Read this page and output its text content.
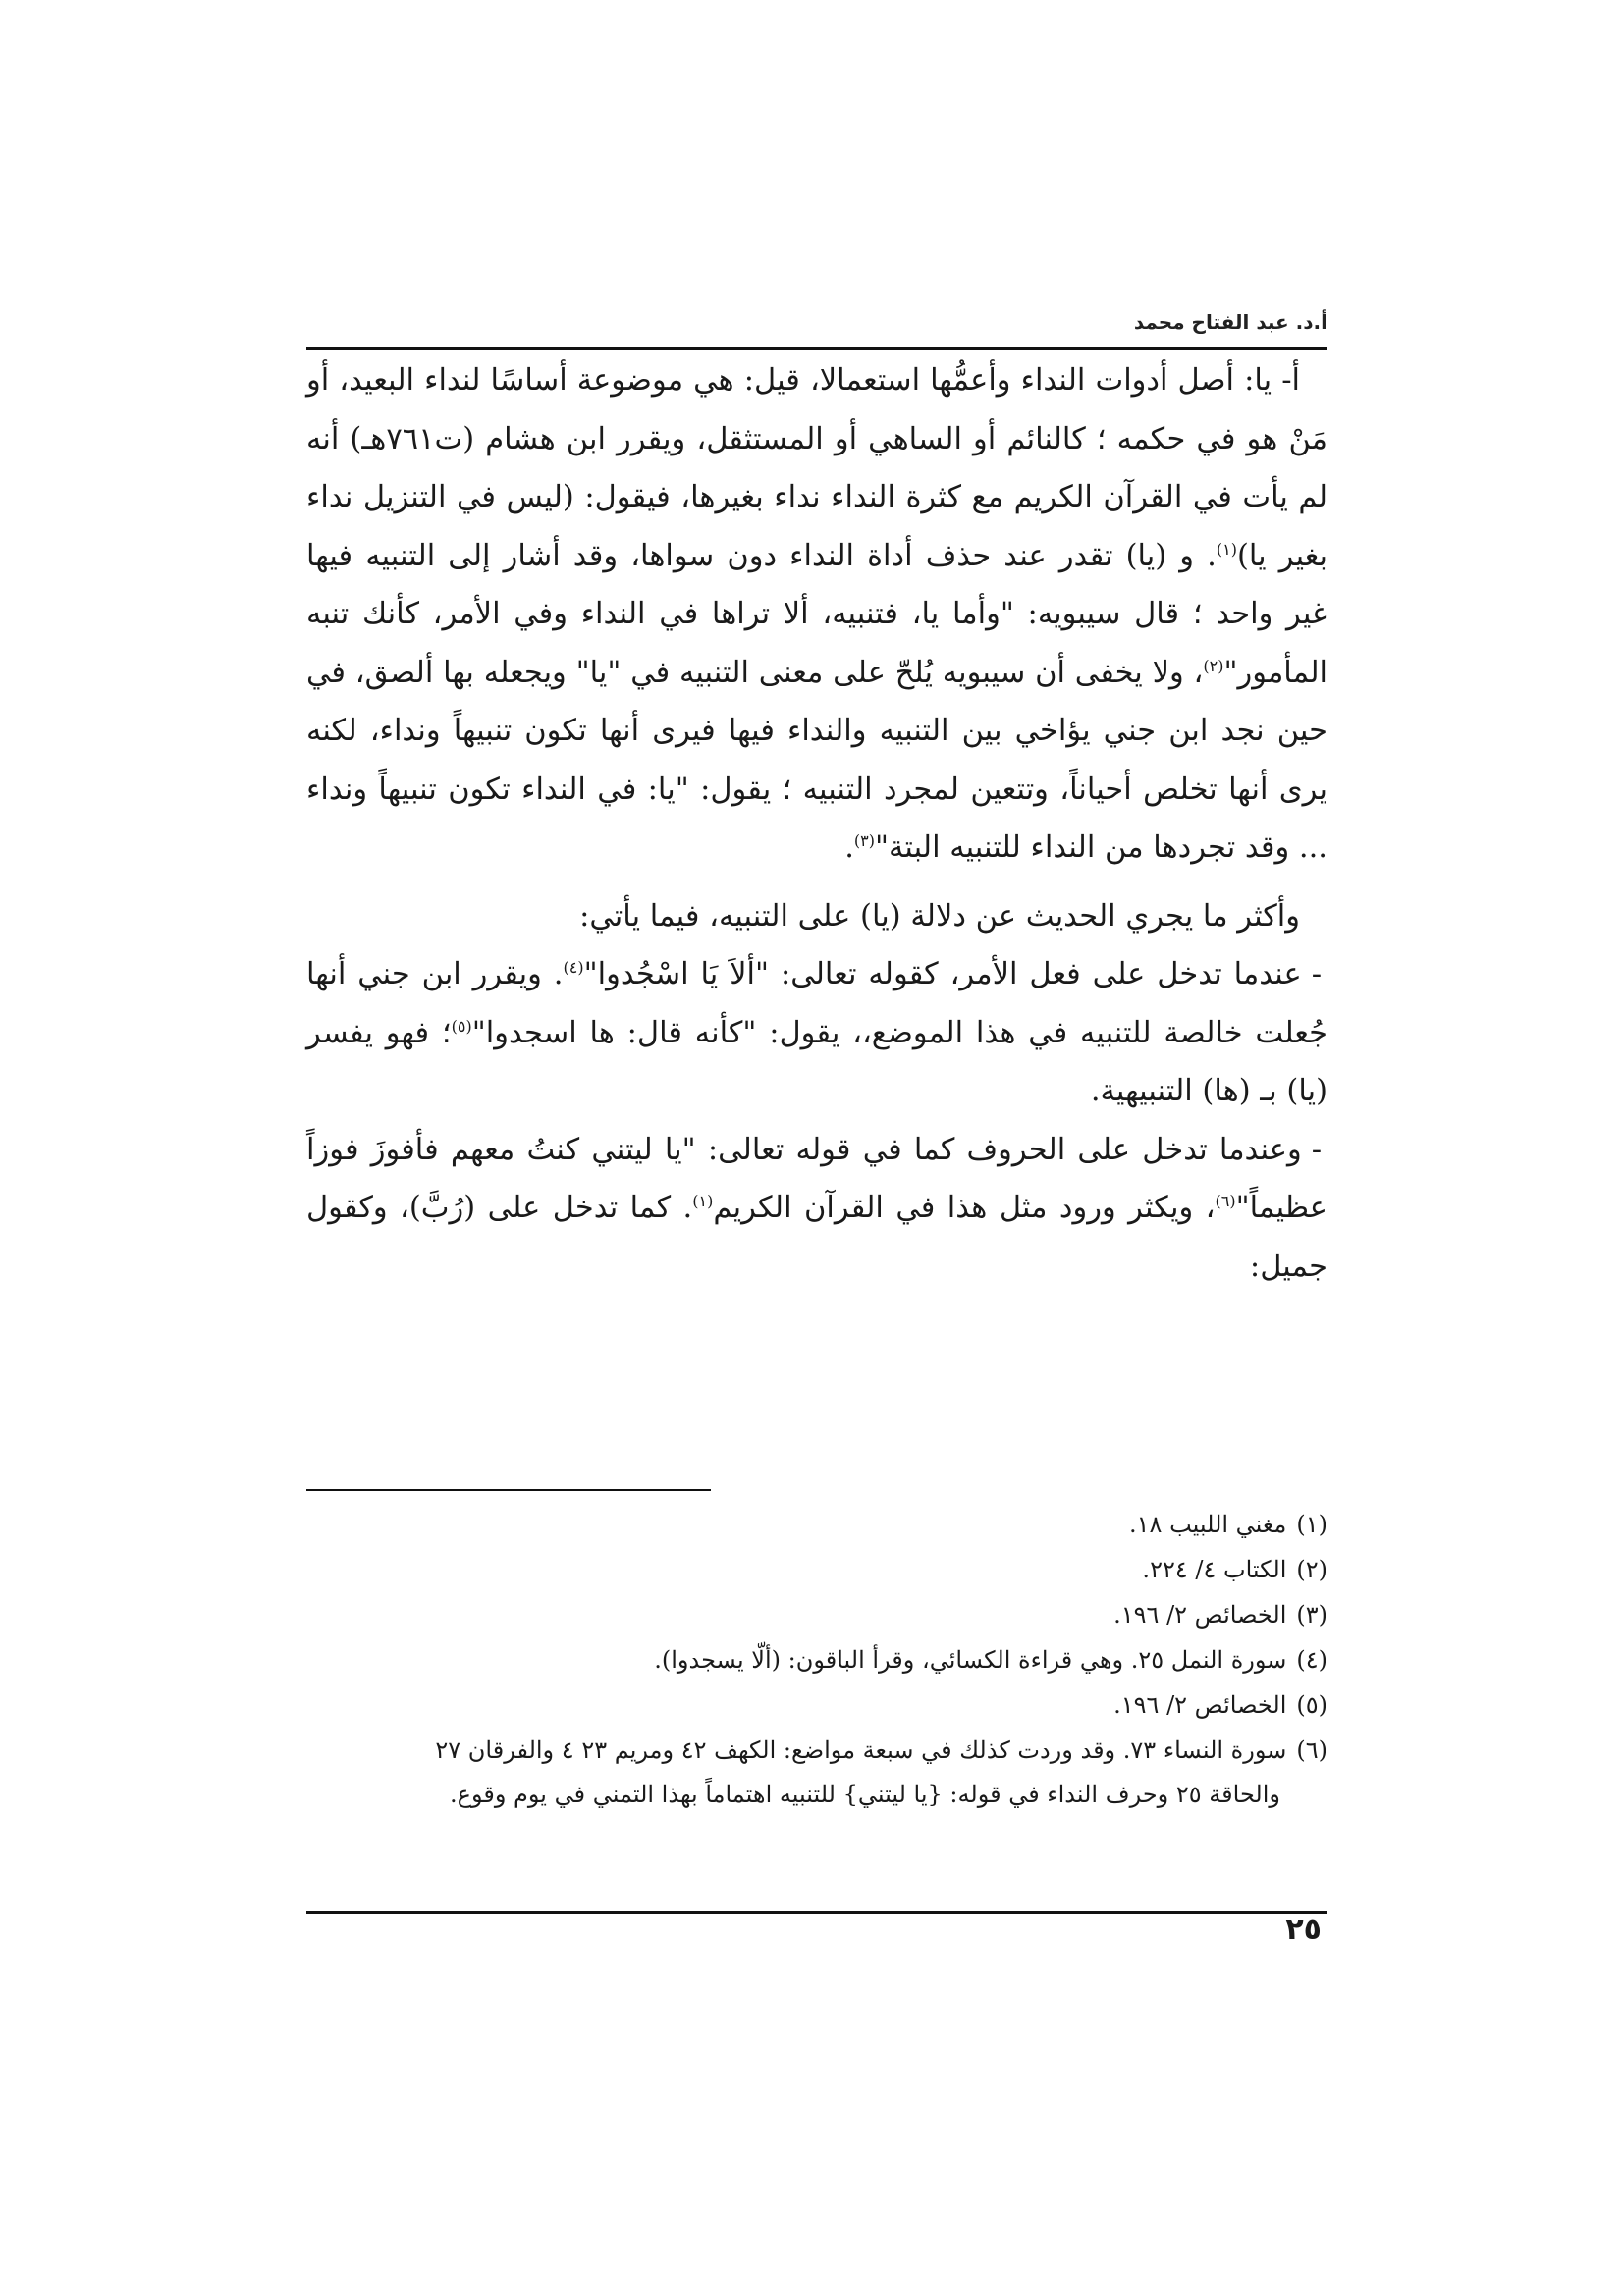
أ.د. عبد الفتاح محمد

أ- يا: أصل أدوات النداء وأعمُّها استعمالا، قيل: هي موضوعة أساسًا لنداء البعيد، أو مَنْ هو في حكمه ؛ كالنائم أو الساهي أو المستثقل، ويقرر ابن هشام (ت٧٦١هـ) أنه لم يأت في القرآن الكريم مع كثرة النداء نداء بغيرها، فيقول: (ليس في التنزيل نداء بغير يا)$^{(١)}$. و (يا) تقدر عند حذف أداة النداء دون سواها، وقد أشار إلى التنبيه فيها غير واحد ؛ قال سيبويه: "وأما يا، فتنبيه، ألا تراها في النداء وفي الأمر، كأنك تنبه المأمور"$^{(٢)}$، ولا يخفى أن سيبويه يُلحّ على معنى التنبيه في "يا" ويجعله بها ألصق، في حين نجد ابن جني يؤاخي بين التنبيه والنداء فيها فيرى أنها تكون تنبيهاً ونداء، لكنه يرى أنها تخلص أحياناً، وتتعين لمجرد التنبيه ؛ يقول: "يا: في النداء تكون تنبيهاً ونداء ... وقد تجردها من النداء للتنبيه البتة"$^{(٣)}$.

وأكثر ما يجري الحديث عن دلالة (يا) على التنبيه، فيما يأتي:

-عندما تدخل على فعل الأمر، كقوله تعالى: "ألاَ يَا اسْجُدوا"$^{(٤)}$. ويقرر ابن جني أنها جُعلت خالصة للتنبيه في هذا الموضع،، يقول: "كأنه قال: ها اسجدوا"$^{(٥)}$؛ فهو يفسر (يا) بـ (ها) التنبيهية.

-وعندما تدخل على الحروف كما في قوله تعالى: "يا ليتني كنتُ معهم فأفوزَ فوزاً عظيماً"$^{(٦)}$، ويكثر ورود مثل هذا في القرآن الكريم$^{(١)}$. كما تدخل على (رُبَّ)، وكقول جميل:

(١)مغني اللبيب ١٨.
(٢)الكتاب ٤/ ٢٢٤.
(٣)الخصائص ٢/ ١٩٦.
(٤)سورة النمل ٢٥. وهي قراءة الكسائي، وقرأ الباقون: (ألّا يسجدوا).
(٥)الخصائص ٢/ ١٩٦.
(٦)سورة النساء ٧٣. وقد وردت كذلك في سبعة مواضع: الكهف ٤٢ ومريم ٢٣ ٤ والفرقان ٢٧
والحاقة ٢٥ وحرف النداء في قوله: {يا ليتني} للتنبيه اهتماماً بهذا التمني في يوم وقوع.
٢٥
